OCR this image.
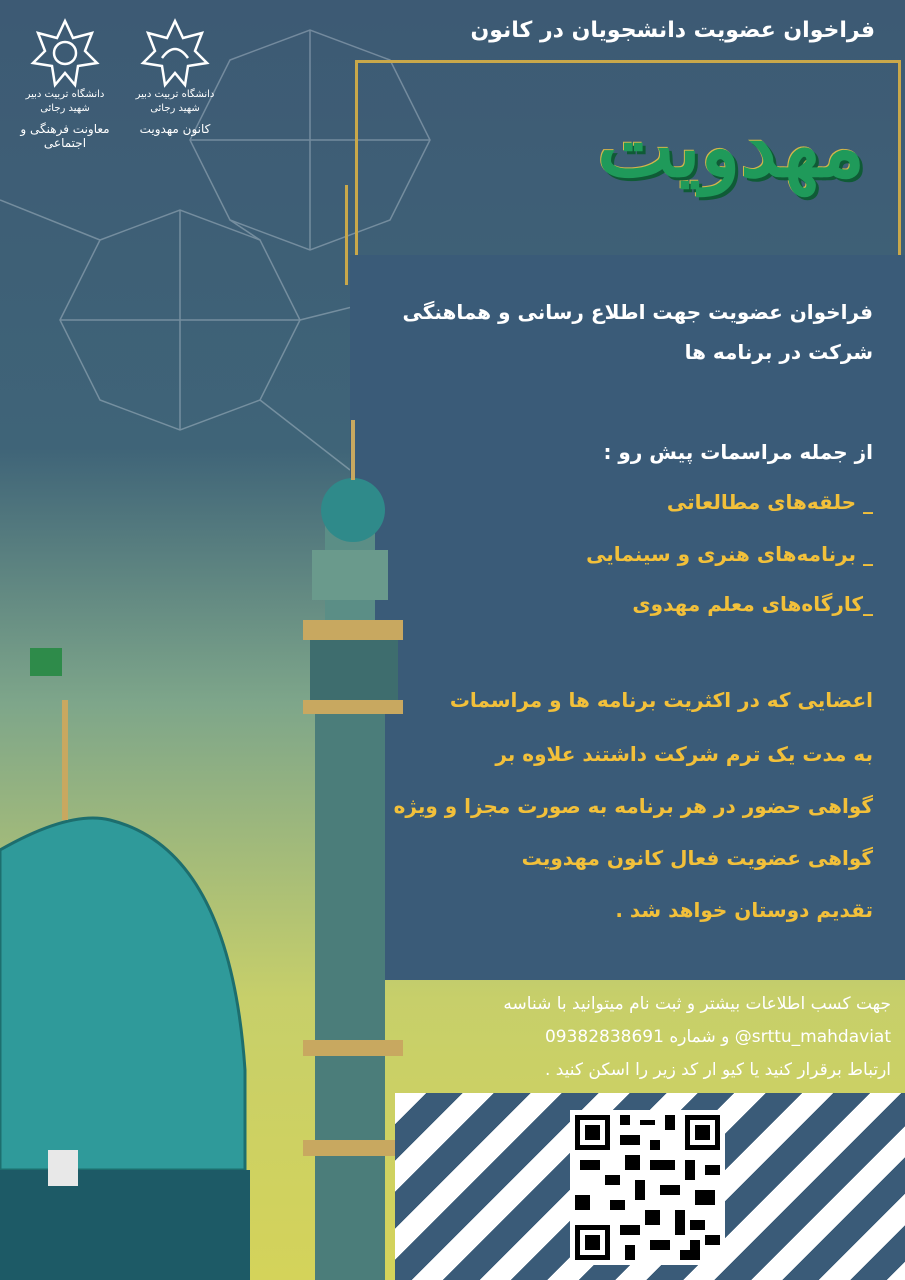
فراخوان عضویت دانشجویان در کانون
دانشگاه تربیت دبیر شهید رجائی
معاونت فرهنگی و اجتماعی
دانشگاه تربیت دبیر شهید رجائی
کانون مهدویت	مهدویت
فراخوان عضویت جهت اطلاع رسانی و هماهنگی
شرکت در برنامه ها
از جمله مراسمات پیش رو :
_ حلقه‌های مطالعاتی
_ برنامه‌های هنری و سینمایی
_کارگاه‌های معلم مهدوی
اعضایی که در اکثریت برنامه ها و مراسمات
به مدت یک ترم شرکت داشتند علاوه بر
گواهی حضور در هر برنامه به صورت مجزا و ویژه
گواهی عضویت فعال کانون مهدویت
تقدیم دوستان خواهد شد .
جهت کسب اطلاعات بیشتر و ثبت نام میتوانید با شناسه
srttu_mahdaviat@ و شماره 09382838691
ارتباط برقرار کنید یا کیو ار کد زیر را اسکن کنید .
